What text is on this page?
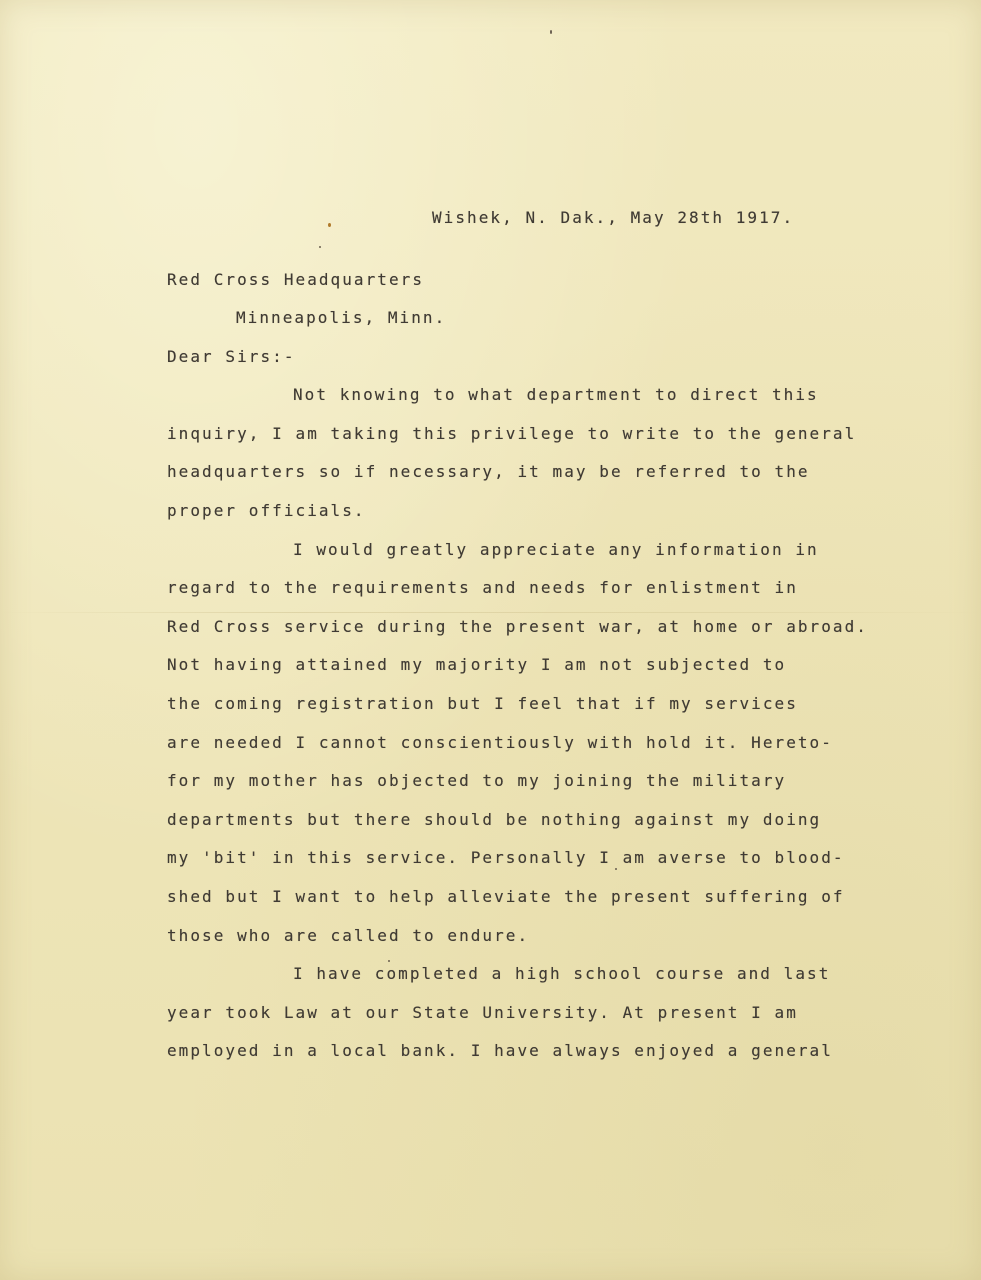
Wishek, N. Dak., May 28th 1917.

Red Cross Headquarters

Minneapolis, Minn.

Dear Sirs:-

Not knowing to what department to direct this

inquiry, I am taking this privilege to write to the general

headquarters so if necessary, it may be referred to the

proper officials.

I would greatly appreciate any information in

regard to the requirements and needs for enlistment in

Red Cross service during the present war, at home or abroad.

Not having attained my majority I am not subjected to

the coming registration but I feel that if my services

are needed I cannot conscientiously with hold it. Hereto-

for my mother has objected to my joining the military

departments but there should be nothing against my doing

my 'bit' in this service. Personally I am averse to blood-

shed but I want to help alleviate the present suffering of

those who are called to endure.

I have completed a high school course and last

year took Law at our State University. At present I am

employed in a local bank. I have always enjoyed a general
